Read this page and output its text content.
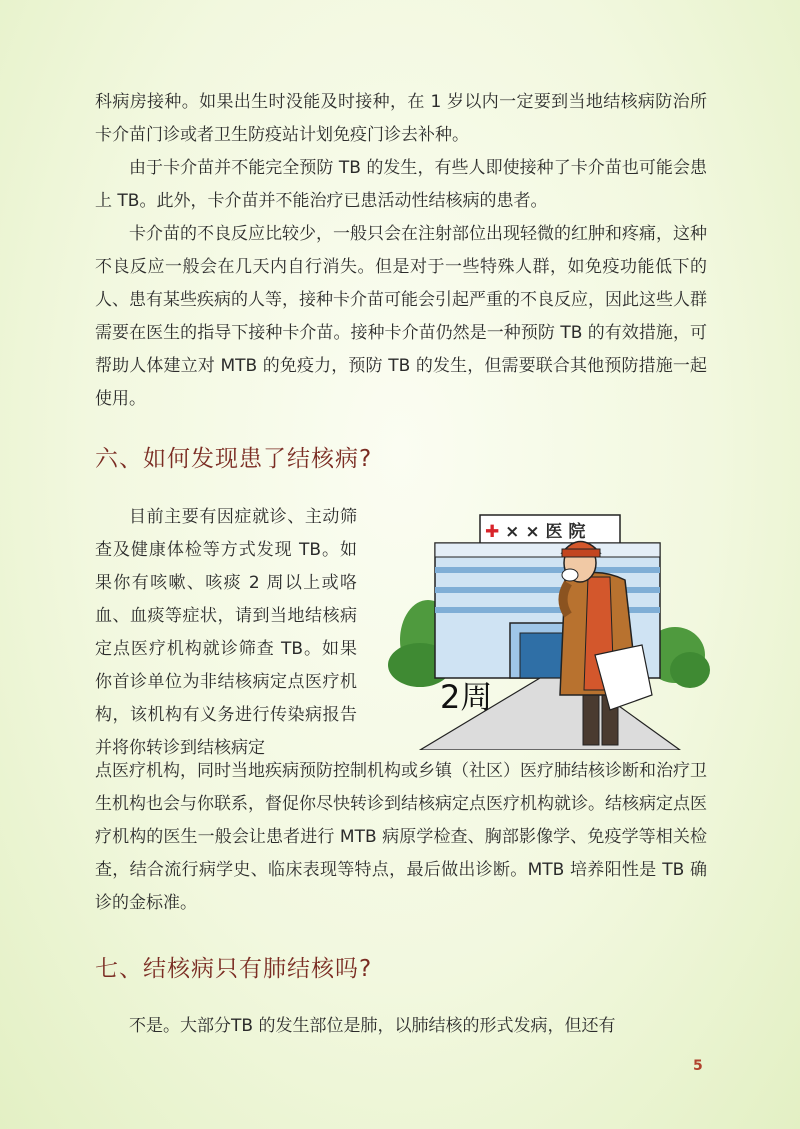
科病房接种。如果出生时没能及时接种，在 1 岁以内一定要到当地结核病防治所卡介苗门诊或者卫生防疫站计划免疫门诊去补种。

由于卡介苗并不能完全预防 TB 的发生，有些人即使接种了卡介苗也可能会患上 TB。此外，卡介苗并不能治疗已患活动性结核病的患者。

卡介苗的不良反应比较少，一般只会在注射部位出现轻微的红肿和疼痛，这种不良反应一般会在几天内自行消失。但是对于一些特殊人群，如免疫功能低下的人、患有某些疾病的人等，接种卡介苗可能会引起严重的不良反应，因此这些人群需要在医生的指导下接种卡介苗。接种卡介苗仍然是一种预防 TB 的有效措施，可帮助人体建立对 MTB 的免疫力，预防 TB 的发生，但需要联合其他预防措施一起使用。

六、如何发现患了结核病?

目前主要有因症就诊、主动筛查及健康体检等方式发现 TB。如果你有咳嗽、咳痰 2 周以上或咯血、血痰等症状，请到当地结核病定点医疗机构就诊筛查 TB。如果你首诊单位为非结核病定点医疗机构，该机构有义务进行传染病报告并将你转诊到结核病定

✚ × × 医 院
2周

点医疗机构，同时当地疾病预防控制机构或乡镇（社区）医疗肺结核诊断和治疗卫生机构也会与你联系，督促你尽快转诊到结核病定点医疗机构就诊。结核病定点医疗机构的医生一般会让患者进行 MTB 病原学检查、胸部影像学、免疫学等相关检查，结合流行病学史、临床表现等特点，最后做出诊断。MTB 培养阳性是 TB 确诊的金标准。

七、结核病只有肺结核吗?

不是。大部分TB 的发生部位是肺，以肺结核的形式发病，但还有

5
